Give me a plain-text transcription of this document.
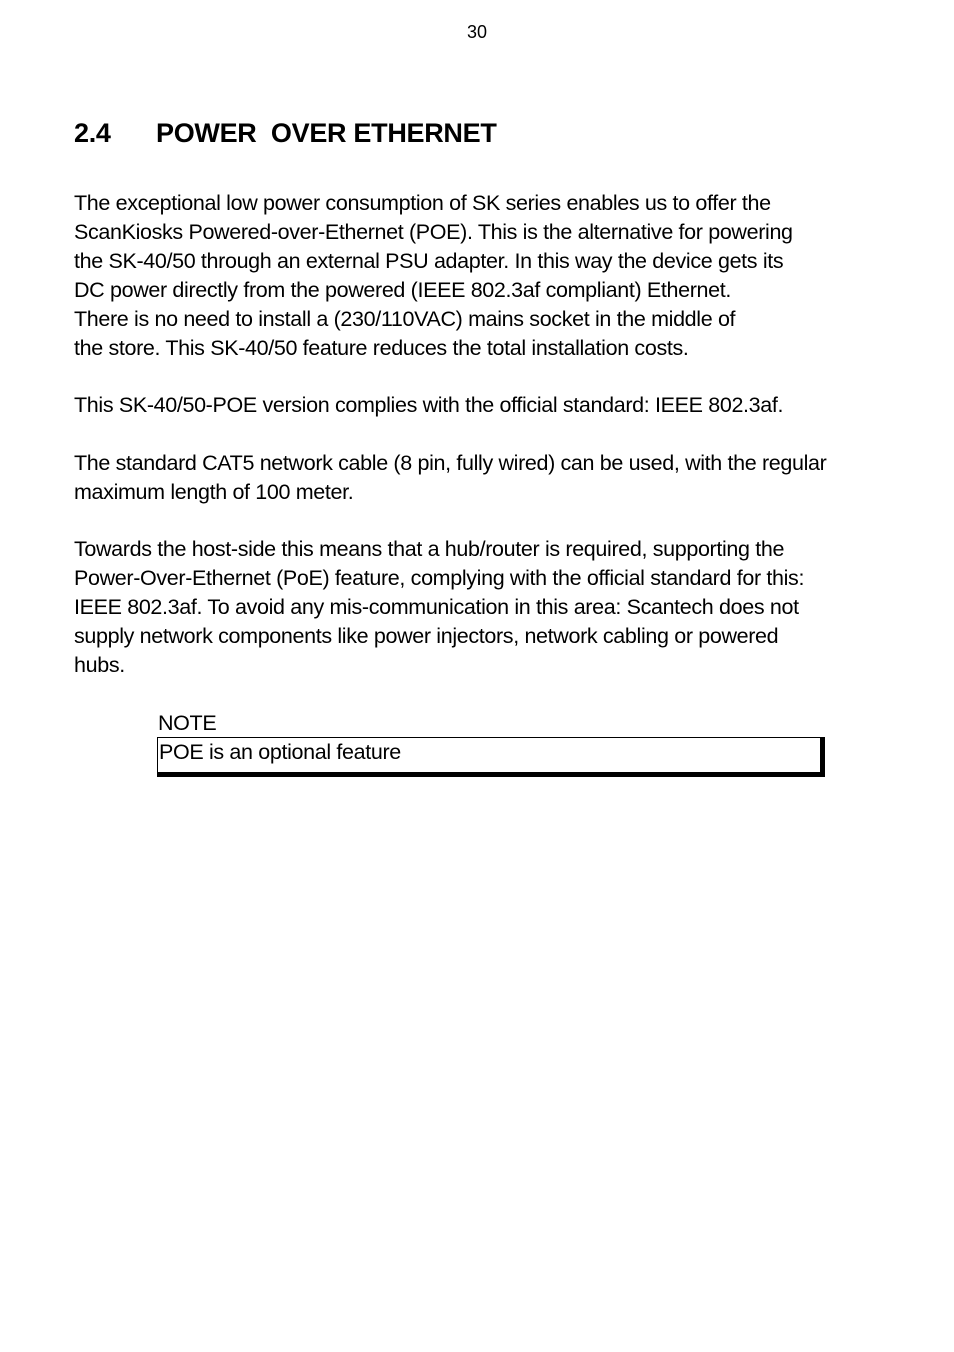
30
2.4 POWER  OVER ETHERNET

The exceptional low power consumption of SK series enables us to offer the
ScanKiosks Powered-over-Ethernet (POE). This is the alternative for powering
the SK-40/50 through an external PSU adapter. In this way the device gets its
DC power directly from the powered (IEEE 802.3af compliant) Ethernet.
There is no need to install a (230/110VAC) mains socket in the middle of
the store. This SK-40/50 feature reduces the total installation costs.

This SK-40/50-POE version complies with the official standard: IEEE 802.3af.

The standard CAT5 network cable (8 pin, fully wired) can be used, with the regular
maximum length of 100 meter.

Towards the host-side this means that a hub/router is required, supporting the
Power-Over-Ethernet (PoE) feature, complying with the official standard for this:
IEEE 802.3af. To avoid any mis-communication in this area: Scantech does not
supply network components like power injectors, network cabling or powered
hubs.

NOTE
POE is an optional feature
